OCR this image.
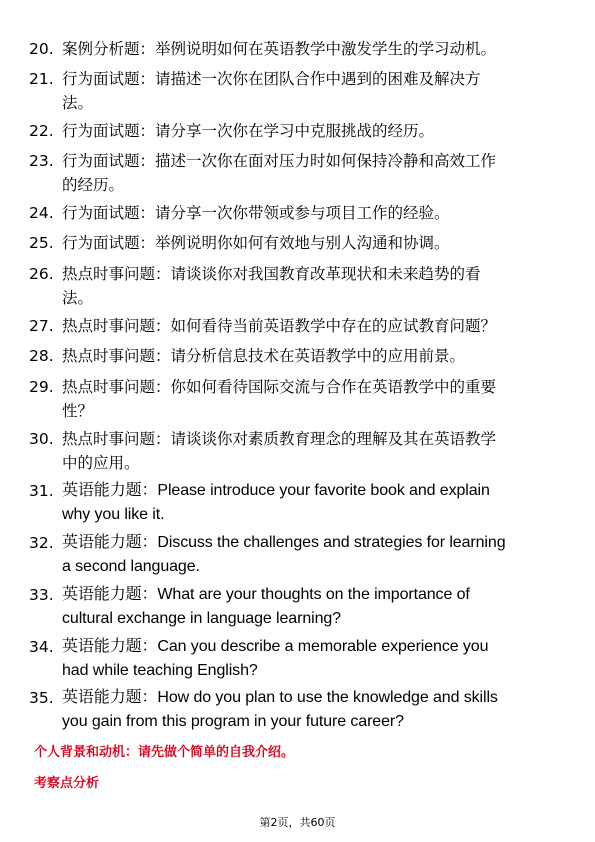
20. 案例分析题：举例说明如何在英语教学中激发学生的学习动机。
21. 行为面试题：请描述一次你在团队合作中遇到的困难及解决方
法。
22. 行为面试题：请分享一次你在学习中克服挑战的经历。
23. 行为面试题：描述一次你在面对压力时如何保持冷静和高效工作
的经历。
24. 行为面试题：请分享一次你带领或参与项目工作的经验。
25. 行为面试题：举例说明你如何有效地与别人沟通和协调。
26. 热点时事问题：请谈谈你对我国教育改革现状和未来趋势的看
法。
27. 热点时事问题：如何看待当前英语教学中存在的应试教育问题？
28. 热点时事问题：请分析信息技术在英语教学中的应用前景。
29. 热点时事问题：你如何看待国际交流与合作在英语教学中的重要
性？
30. 热点时事问题：请谈谈你对素质教育理念的理解及其在英语教学
中的应用。
31. 英语能力题：Please introduce your favorite book and explain
why you like it.
32. 英语能力题：Discuss the challenges and strategies for learning
a second language.
33. 英语能力题：What are your thoughts on the importance of
cultural exchange in language learning?
34. 英语能力题：Can you describe a memorable experience you
had while teaching English?
35. 英语能力题：How do you plan to use the knowledge and skills
you gain from this program in your future career?
个人背景和动机：请先做个简单的自我介绍。
考察点分析
第2页，共60页
